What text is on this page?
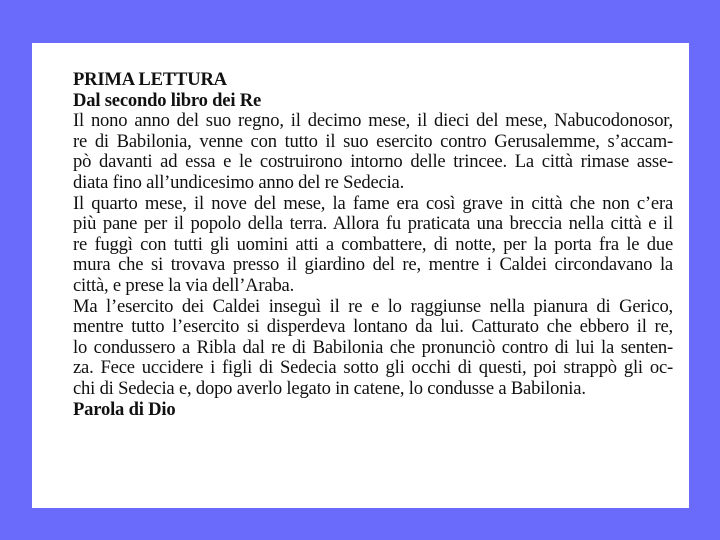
PRIMA LETTURA
Dal secondo libro dei Re
Il nono anno del suo regno, il decimo mese, il dieci del mese, Nabucodonosor,
re di Babilonia, venne con tutto il suo esercito contro Gerusalemme, s’accam-
pò davanti ad essa e le costruirono intorno delle trincee. La città rimase asse-
diata fino all’undicesimo anno del re Sedecia.
Il quarto mese, il nove del mese, la fame era così grave in città che non c’era
più pane per il popolo della terra. Allora fu praticata una breccia nella città e il
re fuggì con tutti gli uomini atti a combattere, di notte, per la porta fra le due
mura che si trovava presso il giardino del re, mentre i Caldei circondavano la
città, e prese la via dell’Araba.
Ma l’esercito dei Caldei inseguì il re e lo raggiunse nella pianura di Gerico,
mentre tutto l’esercito si disperdeva lontano da lui. Catturato che ebbero il re,
lo condussero a Ribla dal re di Babilonia che pronunciò contro di lui la senten-
za. Fece uccidere i figli di Sedecia sotto gli occhi di questi, poi strappò gli oc-
chi di Sedecia e, dopo averlo legato in catene, lo condusse a Babilonia.
Parola di Dio
